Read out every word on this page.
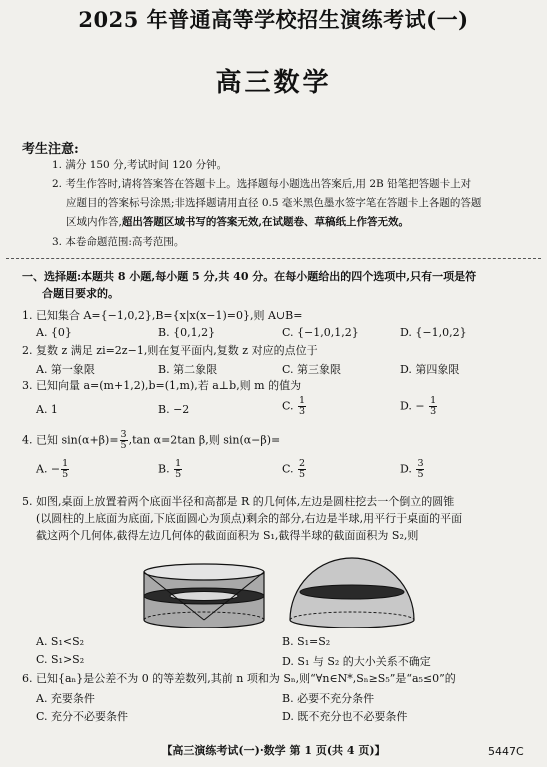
2025 年普通高等学校招生演练考试(一)
高三数学
考生注意:
1. 满分 150 分,考试时间 120 分钟。
2. 考生作答时,请将答案答在答题卡上。选择题每小题选出答案后,用 2B 铅笔把答题卡上对
应题目的答案标号涂黑;非选择题请用直径 0.5 毫米黑色墨水签字笔在答题卡上各题的答题
区域内作答,超出答题区域书写的答案无效,在试题卷、草稿纸上作答无效。
3. 本卷命题范围:高考范围。
一、选择题:本题共 8 小题,每小题 5 分,共 40 分。在每小题给出的四个选项中,只有一项是符
合题目要求的。
1. 已知集合 A={−1,0,2},B={x|x(x−1)=0},则 A∪B=
A. {0}	B. {0,1,2}	C. {−1,0,1,2}	D. {−1,0,2}
2. 复数 z 满足 zi=2z−1,则在复平面内,复数 z 对应的点位于
A. 第一象限	B. 第二象限	C. 第三象限	D. 第四象限
3. 已知向量 a=(m+1,2),b=(1,m),若 a⊥b,则 m 的值为
A. 1	B. −2	C. $\frac{1}{3}$	D. − $\frac{1}{3}$
4. 已知 $\sin(\alpha+\beta)= \frac{3}{5} ,\tan$ α=2tan β,则 sin(α−β)=
A. − $\frac{1}{5}$	B. $\frac{1}{5}$	C. $\frac{2}{5}$	D. $\frac{3}{5}$
5. 如图,桌面上放置着两个底面半径和高都是 R 的几何体,左边是圆柱挖去一个倒立的圆锥
(以圆柱的上底面为底面,下底面圆心为顶点)剩余的部分,右边是半球,用平行于桌面的平面
截这两个几何体,截得左边几何体的截面面积为 S₁,截得半球的截面面积为 S₂,则
A. S₁<S₂	B. S₁=S₂
C. S₁>S₂	D. S₁ 与 S₂ 的大小关系不确定
6. 已知{aₙ}是公差不为 0 的等差数列,其前 n 项和为 Sₙ,则“∀n∈N*,Sₙ≥S₅”是“a₅≤0”的
A. 充要条件	B. 必要不充分条件
C. 充分不必要条件	D. 既不充分也不必要条件
【高三演练考试(一)·数学 第 1 页(共 4 页)】	5447C
